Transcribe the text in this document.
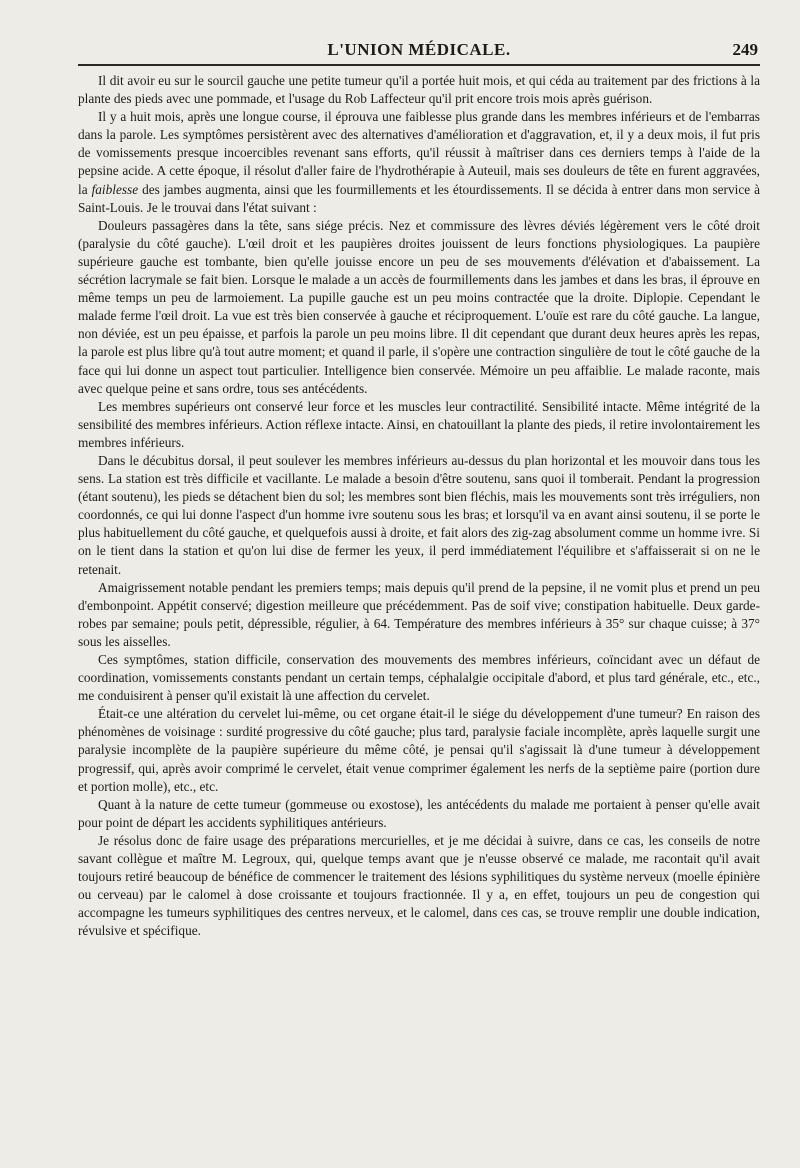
L'UNION MÉDICALE.	249

Il dit avoir eu sur le sourcil gauche une petite tumeur qu'il a portée huit mois, et qui céda au traitement par des frictions à la plante des pieds avec une pommade, et l'usage du Rob Laffecteur qu'il prit encore trois mois après guérison.

Il y a huit mois, après une longue course, il éprouva une faiblesse plus grande dans les membres inférieurs et de l'embarras dans la parole. Les symptômes persistèrent avec des alternatives d'amélioration et d'aggravation, et, il y a deux mois, il fut pris de vomissements presque incoercibles revenant sans efforts, qu'il réussit à maîtriser dans ces derniers temps à l'aide de la pepsine acide. A cette époque, il résolut d'aller faire de l'hydrothérapie à Auteuil, mais ses douleurs de tête en furent aggravées, la faiblesse des jambes augmenta, ainsi que les fourmillements et les étourdissements. Il se décida à entrer dans mon service à Saint-Louis. Je le trouvai dans l'état suivant :

Douleurs passagères dans la tête, sans siége précis. Nez et commissure des lèvres déviés légèrement vers le côté droit (paralysie du côté gauche). L'œil droit et les paupières droites jouissent de leurs fonctions physiologiques. La paupière supérieure gauche est tombante, bien qu'elle jouisse encore un peu de ses mouvements d'élévation et d'abaissement. La sécrétion lacrymale se fait bien. Lorsque le malade a un accès de fourmillements dans les jambes et dans les bras, il éprouve en même temps un peu de larmoiement. La pupille gauche est un peu moins contractée que la droite. Diplopie. Cependant le malade ferme l'œil droit. La vue est très bien conservée à gauche et réciproquement. L'ouïe est rare du côté gauche. La langue, non déviée, est un peu épaisse, et parfois la parole un peu moins libre. Il dit cependant que durant deux heures après les repas, la parole est plus libre qu'à tout autre moment; et quand il parle, il s'opère une contraction singulière de tout le côté gauche de la face qui lui donne un aspect tout particulier. Intelligence bien conservée. Mémoire un peu affaiblie. Le malade raconte, mais avec quelque peine et sans ordre, tous ses antécédents.

Les membres supérieurs ont conservé leur force et les muscles leur contractilité. Sensibilité intacte. Même intégrité de la sensibilité des membres inférieurs. Action réflexe intacte. Ainsi, en chatouillant la plante des pieds, il retire involontairement les membres inférieurs.

Dans le décubitus dorsal, il peut soulever les membres inférieurs au-dessus du plan horizontal et les mouvoir dans tous les sens. La station est très difficile et vacillante. Le malade a besoin d'être soutenu, sans quoi il tomberait. Pendant la progression (étant soutenu), les pieds se détachent bien du sol; les membres sont bien fléchis, mais les mouvements sont très irréguliers, non coordonnés, ce qui lui donne l'aspect d'un homme ivre soutenu sous les bras; et lorsqu'il va en avant ainsi soutenu, il se porte le plus habituellement du côté gauche, et quelquefois aussi à droite, et fait alors des zig-zag absolument comme un homme ivre. Si on le tient dans la station et qu'on lui dise de fermer les yeux, il perd immédiatement l'équilibre et s'affaisserait si on ne le retenait.

Amaigrissement notable pendant les premiers temps; mais depuis qu'il prend de la pepsine, il ne vomit plus et prend un peu d'embonpoint. Appétit conservé; digestion meilleure que précédemment. Pas de soif vive; constipation habituelle. Deux garde-robes par semaine; pouls petit, dépressible, régulier, à 64. Température des membres inférieurs à 35° sur chaque cuisse; à 37° sous les aisselles.

Ces symptômes, station difficile, conservation des mouvements des membres inférieurs, coïncidant avec un défaut de coordination, vomissements constants pendant un certain temps, céphalalgie occipitale d'abord, et plus tard générale, etc., etc., me conduisirent à penser qu'il existait là une affection du cervelet.

Était-ce une altération du cervelet lui-même, ou cet organe était-il le siége du développement d'une tumeur? En raison des phénomènes de voisinage : surdité progressive du côté gauche; plus tard, paralysie faciale incomplète, après laquelle surgit une paralysie incomplète de la paupière supérieure du même côté, je pensai qu'il s'agissait là d'une tumeur à développement progressif, qui, après avoir comprimé le cervelet, était venue comprimer également les nerfs de la septième paire (portion dure et portion molle), etc., etc.

Quant à la nature de cette tumeur (gommeuse ou exostose), les antécédents du malade me portaient à penser qu'elle avait pour point de départ les accidents syphilitiques antérieurs.

Je résolus donc de faire usage des préparations mercurielles, et je me décidai à suivre, dans ce cas, les conseils de notre savant collègue et maître M. Legroux, qui, quelque temps avant que je n'eusse observé ce malade, me racontait qu'il avait toujours retiré beaucoup de bénéfice de commencer le traitement des lésions syphilitiques du système nerveux (moelle épinière ou cerveau) par le calomel à dose croissante et toujours fractionnée. Il y a, en effet, toujours un peu de congestion qui accompagne les tumeurs syphilitiques des centres nerveux, et le calomel, dans ces cas, se trouve remplir une double indication, révulsive et spécifique.
